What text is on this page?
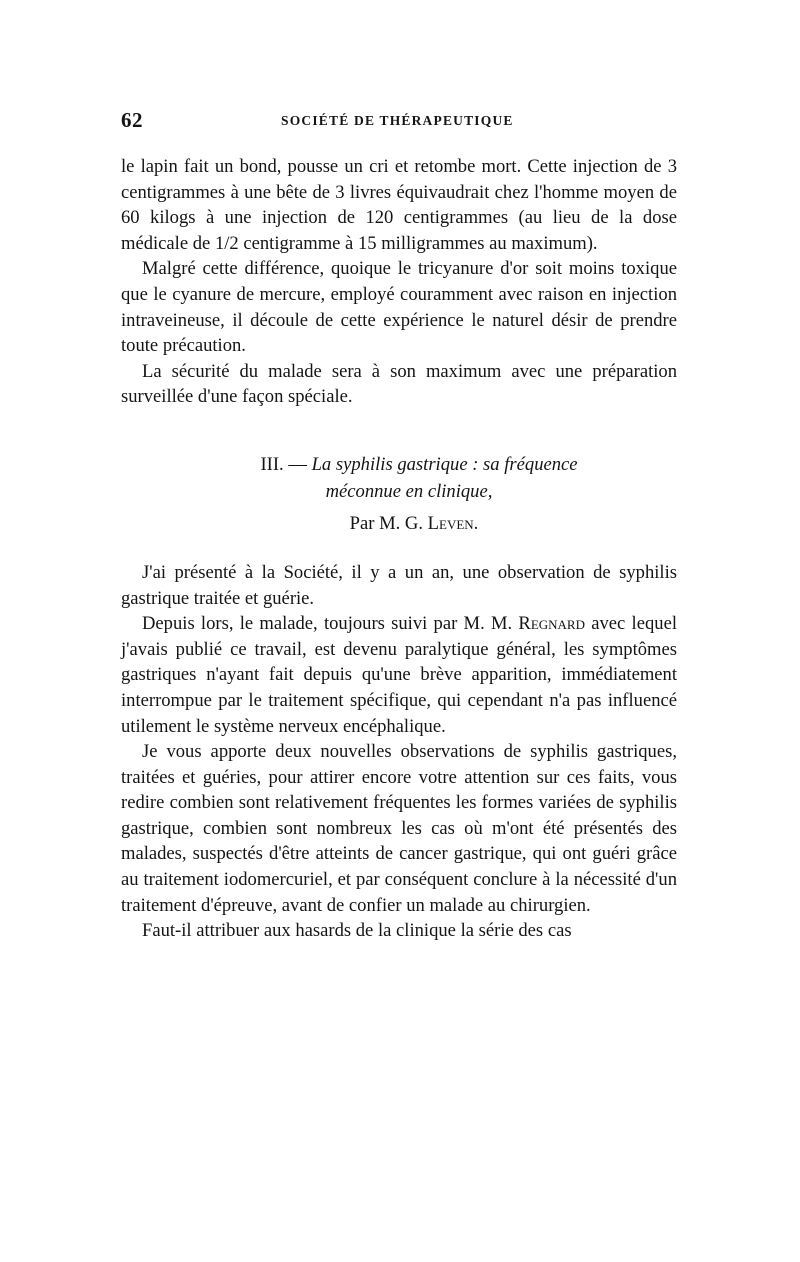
62	SOCIÉTÉ DE THÉRAPEUTIQUE

le lapin fait un bond, pousse un cri et retombe mort. Cette injection de 3 centigrammes à une bête de 3 livres équivaudrait chez l'homme moyen de 60 kilogs à une injection de 120 centigrammes (au lieu de la dose médicale de 1/2 centigramme à 15 milligrammes au maximum).

Malgré cette différence, quoique le tricyanure d'or soit moins toxique que le cyanure de mercure, employé couramment avec raison en injection intraveineuse, il découle de cette expérience le naturel désir de prendre toute précaution.

La sécurité du malade sera à son maximum avec une préparation surveillée d'une façon spéciale.

III. — La syphilis gastrique : sa fréquence
méconnue en clinique,
Par M. G. Leven.

J'ai présenté à la Société, il y a un an, une observation de syphilis gastrique traitée et guérie.

Depuis lors, le malade, toujours suivi par M. M. Regnard avec lequel j'avais publié ce travail, est devenu paralytique général, les symptômes gastriques n'ayant fait depuis qu'une brève apparition, immédiatement interrompue par le traitement spécifique, qui cependant n'a pas influencé utilement le système nerveux encéphalique.

Je vous apporte deux nouvelles observations de syphilis gastriques, traitées et guéries, pour attirer encore votre attention sur ces faits, vous redire combien sont relativement fréquentes les formes variées de syphilis gastrique, combien sont nombreux les cas où m'ont été présentés des malades, suspectés d'être atteints de cancer gastrique, qui ont guéri grâce au traitement iodomercuriel, et par conséquent conclure à la nécessité d'un traitement d'épreuve, avant de confier un malade au chirurgien.

Faut-il attribuer aux hasards de la clinique la série des cas
